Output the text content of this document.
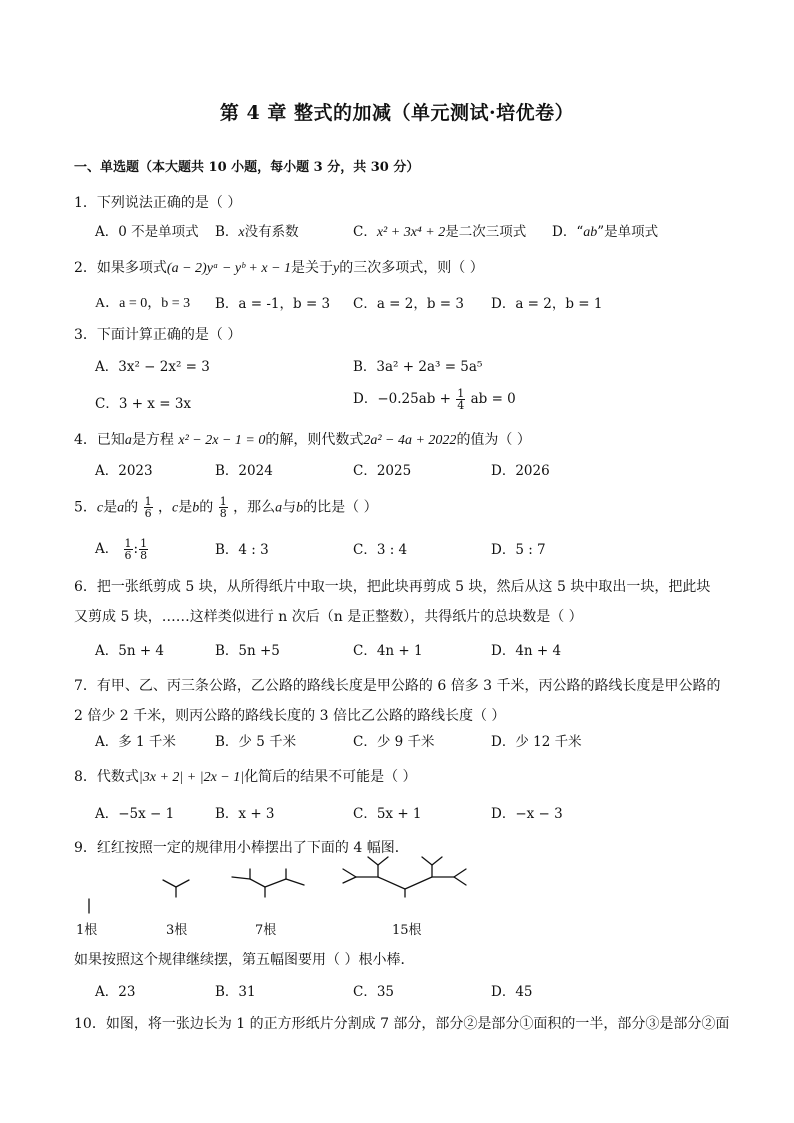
第 4 章 整式的加减（单元测试·培优卷）
一、单选题（本大题共 10 小题，每小题 3 分，共 30 分）
1．下列说法正确的是（ ）
A．0 不是单项式 B．x没有系数	C．x² + 3x⁴ + 2是二次三项式 D．“ab”是单项式
2．如果多项式(a − 2)yᵃ − yᵇ + x − 1是关于y的三次多项式，则（ ）
A．a = 0，b = 3 B．a = -1，b = 3 C．a = 2，b = 3 D．a = 2，b = 1
3．下面计算正确的是（ ）
A．3x² − 2x² = 3	B．3a² + 2a³ = 5a⁵
C．3 + x = 3x	D．$-0.25ab + \frac{1}{4}$ ab = 0
4．已知a是方程 x² − 2x − 1 = 0的解，则代数式2a² − 4a + 2022的值为（ ）
A．2023	B．2024	C．2025	D．2026
5．c是a的 $\frac{1}{6}$ ，c是b的 $\frac{1}{8}$ ，那么a与b的比是（ ）
A． $\frac{1}{6}$ : $\frac{1}{8}$	B．4 : 3	C．3 : 4	D．5 : 7
6．把一张纸剪成 5 块，从所得纸片中取一块，把此块再剪成 5 块，然后从这 5 块中取出一块，把此块又剪成 5 块，……这样类似进行 n 次后（n 是正整数），共得纸片的总块数是（ ）
A．5n + 4	B．5n +5	C．4n + 1	D．4n + 4
7．有甲、乙、丙三条公路，乙公路的路线长度是甲公路的 6 倍多 3 千米，丙公路的路线长度是甲公路的 2 倍少 2 千米，则丙公路的路线长度的 3 倍比乙公路的路线长度（ ）
A．多 1 千米	B．少 5 千米	C．少 9 千米	D．少 12 千米
8．代数式|3x + 2| + |2x − 1|化简后的结果不可能是（ ）
A．−5x − 1	B．x + 3	C．5x + 1	D．−x − 3
9．红红按照一定的规律用小棒摆出了下面的 4 幅图．
1根	3根	7根	15根
如果按照这个规律继续摆，第五幅图要用（ ）根小棒．
A．23	B．31	C．35	D．45
10．如图，将一张边长为 1 的正方形纸片分割成 7 部分，部分②是部分①面积的一半，部分③是部分②面
